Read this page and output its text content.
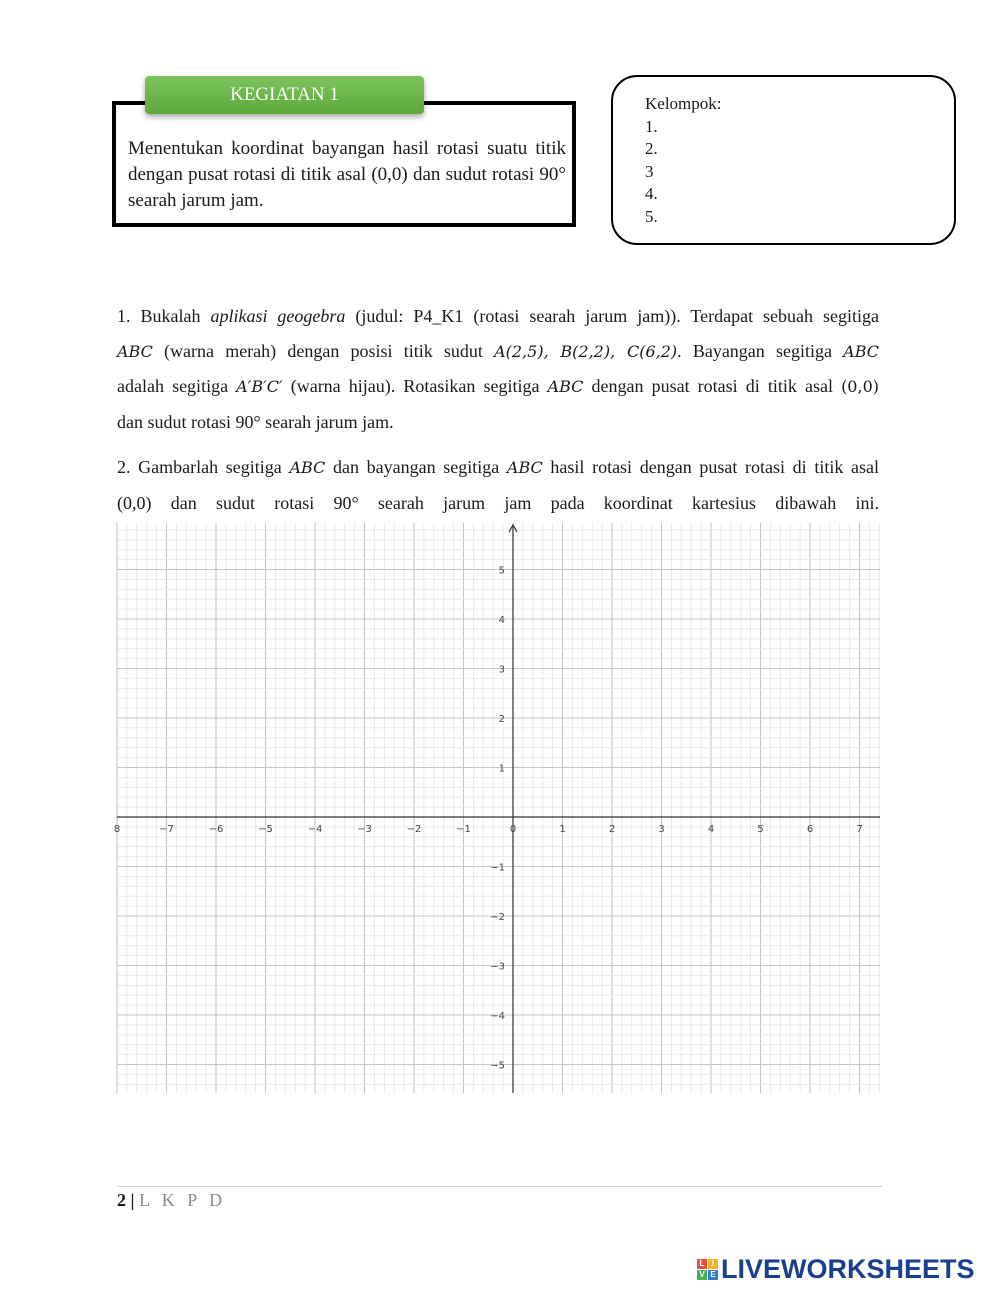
KEGIATAN 1
Menentukan koordinat bayangan hasil rotasi suatu titik dengan pusat rotasi di titik asal (0,0) dan sudut rotasi 90° searah jarum jam.
Kelompok:
1.
2.
3
4.
5.
1. Bukalah aplikasi geogebra (judul: P4_K1 (rotasi searah jarum jam)). Terdapat sebuah segitiga
ABC (warna merah) dengan posisi titik sudut A(2,5), B(2,2), C(6,2). Bayangan segitiga ABC
adalah segitiga A′B′C′ (warna hijau). Rotasikan segitiga ABC dengan pusat rotasi di titik asal (0,0)
dan sudut rotasi 90° searah jarum jam.
2. Gambarlah segitiga ABC dan bayangan segitiga ABC hasil rotasi dengan pusat rotasi di titik asal
(0,0) dan sudut rotasi 90° searah jarum jam pada koordinat kartesius dibawah ini.
8	−7	−6	−5	−4	−3	−2	−1	0	1	2	3	4	5	6	7
−5
−4
−3
−2
−1
1
2
3
4
5
2 | L K P D
L I
V E LIVEWORKSHEETS
